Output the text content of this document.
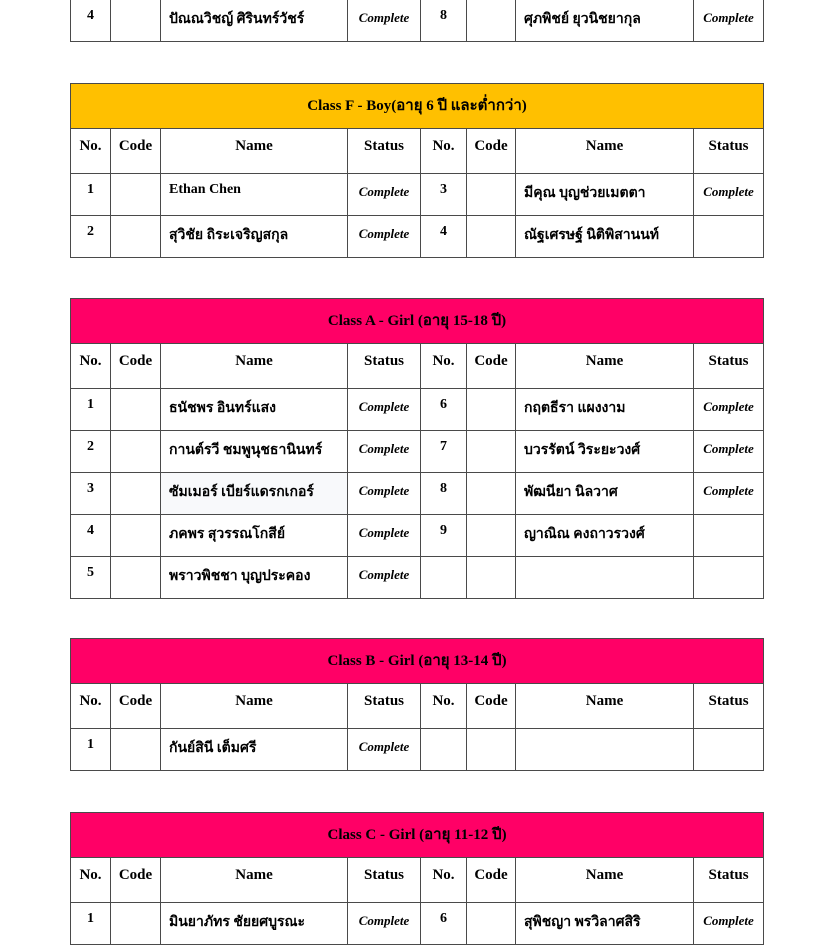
4		ปัณณวิชญ์ ศิรินทร์วัชร์	Complete	8		ศุภพิชย์ ยุวนิชยากุล	Complete
Class F - Boy(อายุ 6 ปี และต่ำกว่า)							
No.	Code	Name	Status	No.	Code	Name	Status
1		Ethan Chen	Complete	3		มีคุณ บุญช่วยเมตตา	Complete
2		สุวิชัย ถิระเจริญสกุล	Complete	4		ณัฐเศรษฐ์ นิติพิสานนท์	
Class A - Girl (อายุ 15-18 ปี)							
No.	Code	Name	Status	No.	Code	Name	Status
1		ธนัชพร อินทร์แสง	Complete	6		กฤตธีรา แผงงาม	Complete
2		กานต์รวี ชมพูนุชธานินทร์	Complete	7		บวรรัตน์ วิระยะวงศ์	Complete
3		ซัมเมอร์ เบียร์แดรกเกอร์	Complete	8		พัฒนียา นิลวาศ	Complete
4		ภคพร สุวรรณโกสีย์	Complete	9		ญาณิณ คงถาวรวงศ์	
5		พราวพิชชา บุญประคอง	Complete				
Class B - Girl (อายุ 13-14 ปี)							
No.	Code	Name	Status	No.	Code	Name	Status
1		กันย์สินี เต็มศรี	Complete				
Class C - Girl (อายุ 11-12 ปี)							
No.	Code	Name	Status	No.	Code	Name	Status
1		มินยาภัทร ชัยยศบูรณะ	Complete	6		สุพิชญา พรวิลาศสิริ	Complete
